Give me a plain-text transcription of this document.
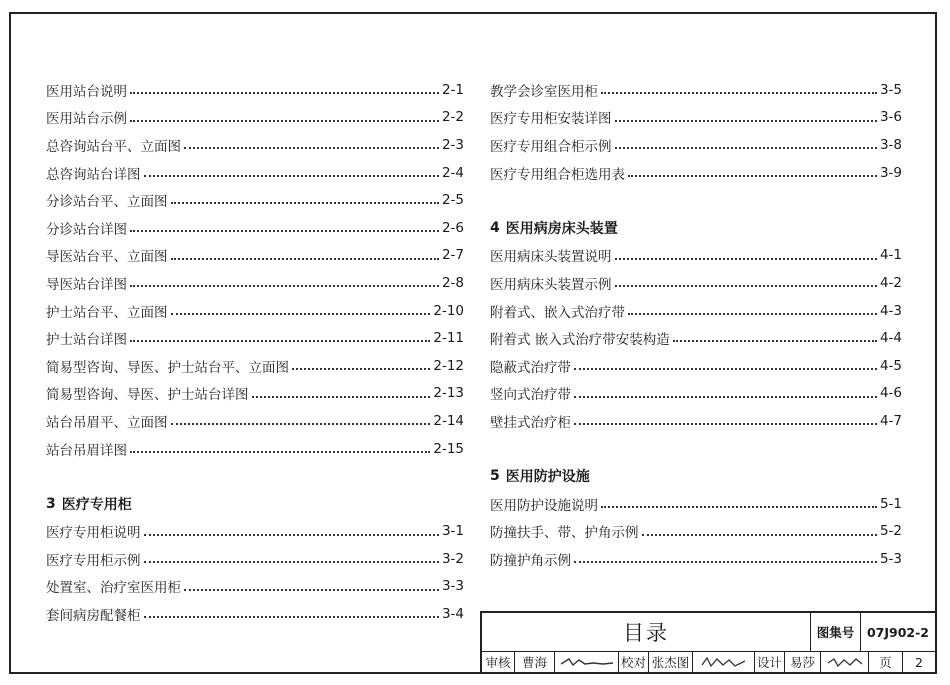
医用站台说明	2-1
医用站台示例	2-2
总咨询站台平、立面图	2-3
总咨询站台详图	2-4
分诊站台平、立面图	2-5
分诊站台详图	2-6
导医站台平、立面图	2-7
导医站台详图	2-8
护士站台平、立面图	2-10
护士站台详图	2-11
简易型咨询、导医、护士站台平、立面图	2-12
简易型咨询、导医、护士站台详图	2-13
站台吊眉平、立面图	2-14
站台吊眉详图	2-15
3 医疗专用柜
医疗专用柜说明	3-1
医疗专用柜示例	3-2
处置室、治疗室医用柜	3-3
套间病房配餐柜	3-4
教学会诊室医用柜	3-5
医疗专用柜安装详图	3-6
医疗专用组合柜示例	3-8
医疗专用组合柜选用表	3-9
4 医用病房床头装置
医用病床头装置说明	4-1
医用病床头装置示例	4-2
附着式、嵌入式治疗带	4-3
附着式 嵌入式治疗带安装构造	4-4
隐蔽式治疗带	4-5
竖向式治疗带	4-6
壁挂式治疗柜	4-7
5 医用防护设施
医用防护设施说明	5-1
防撞扶手、带、护角示例	5-2
防撞护角示例	5-3
目录	图集号	07J902-2
审核 曹海	校对 张杰图	设计 易莎	页	2
